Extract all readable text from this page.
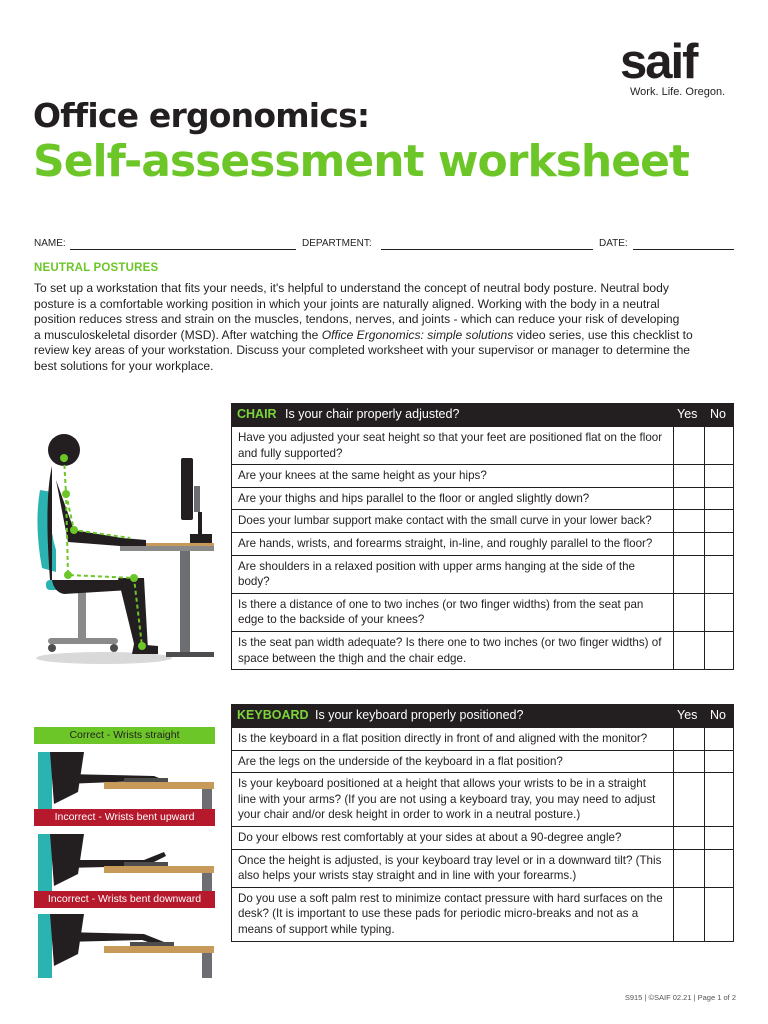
saif
Work. Life. Oregon.
Office ergonomics:
Self-assessment worksheet
NAME:	DEPARTMENT:	DATE:
NEUTRAL POSTURES
To set up a workstation that fits your needs, it's helpful to understand the concept of neutral body posture. Neutral body
posture is a comfortable working position in which your joints are naturally aligned. Working with the body in a neutral
position reduces stress and strain on the muscles, tendons, nerves, and joints - which can reduce your risk of developing
a musculoskeletal disorder (MSD). After watching the Office Ergonomics: simple solutions video series, use this checklist to
review key areas of your workstation. Discuss your completed worksheet with your supervisor or manager to determine the
best solutions for your workplace.
CHAIR Is your chair properly adjusted?	Yes No
Have you adjusted your seat height so that your feet are positioned flat on the floor and fully supported?
Are your knees at the same height as your hips?
Are your thighs and hips parallel to the floor or angled slightly down?
Does your lumbar support make contact with the small curve in your lower back?
Are hands, wrists, and forearms straight, in-line, and roughly parallel to the floor?
Are shoulders in a relaxed position with upper arms hanging at the side of the body?
Is there a distance of one to two inches (or two finger widths) from the seat pan edge to the backside of your knees?
Is the seat pan width adequate? Is there one to two inches (or two finger widths) of space between the thigh and the chair edge.
KEYBOARD Is your keyboard properly positioned?	Yes No
Is the keyboard in a flat position directly in front of and aligned with the monitor?
Are the legs on the underside of the keyboard in a flat position?
Is your keyboard positioned at a height that allows your wrists to be in a straight line with your arms? (If you are not using a keyboard tray, you may need to adjust your chair and/or desk height in order to work in a neutral posture.)
Do your elbows rest comfortably at your sides at about a 90-degree angle?
Once the height is adjusted, is your keyboard tray level or in a downward tilt? (This also helps your wrists stay straight and in line with your forearms.)
Do you use a soft palm rest to minimize contact pressure with hard surfaces on the desk? (It is important to use these pads for periodic micro-breaks and not as a means of support while typing.
Correct - Wrists straight
Incorrect - Wrists bent upward
Incorrect - Wrists bent downward
S915 | ©SAIF 02.21 | Page 1 of 2
